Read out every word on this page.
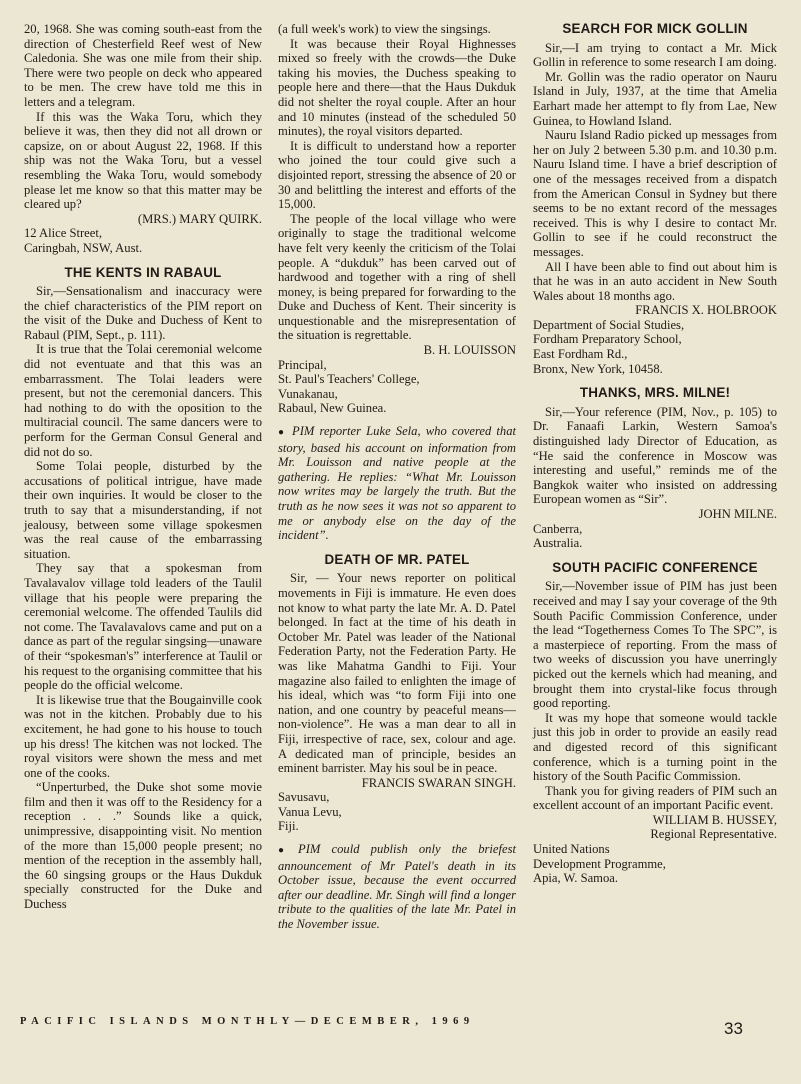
20, 1968. She was coming south-east from the direction of Chesterfield Reef west of New Caledonia. She was one mile from their ship. There were two people on deck who appeared to be men. The crew have told me this in letters and a telegram.

If this was the Waka Toru, which they believe it was, then they did not all drown or capsize, on or about August 22, 1968. If this ship was not the Waka Toru, but a vessel resembling the Waka Toru, would somebody please let me know so that this matter may be cleared up?

(MRS.) MARY QUIRK.

12 Alice Street,

Caringbah, NSW, Aust.

THE KENTS IN RABAUL

Sir,—Sensationalism and inaccuracy were the chief characteristics of the PIM report on the visit of the Duke and Duchess of Kent to Rabaul (PIM, Sept., p. 111).

It is true that the Tolai ceremonial welcome did not eventuate and that this was an embarrassment. The Tolai leaders were present, but not the ceremonial dancers. This had nothing to do with the oposition to the multiracial council. The same dancers were to perform for the German Consul General and did not do so.

Some Tolai people, disturbed by the accusations of political intrigue, have made their own inquiries. It would be closer to the truth to say that a misunderstanding, if not jealousy, between some village spokesmen was the real cause of the embarrassing situation.

They say that a spokesman from Tavalavalov village told leaders of the Taulil village that his people were preparing the ceremonial welcome. The offended Taulils did not come. The Tavalavalovs came and put on a dance as part of the regular singsing—unaware of their “spokesman's” interference at Taulil or his request to the organising committee that his people do the official welcome.

It is likewise true that the Bougainville cook was not in the kitchen. Probably due to his excitement, he had gone to his house to touch up his dress! The kitchen was not locked. The royal visitors were shown the mess and met one of the cooks.

“Unperturbed, the Duke shot some movie film and then it was off to the Residency for a reception . . .” Sounds like a quick, unimpressive, disappointing visit. No mention of the more than 15,000 people present; no mention of the reception in the assembly hall, the 60 singsing groups or the Haus Dukduk specially constructed for the Duke and Duchess

(a full week's work) to view the singsings.

It was because their Royal Highnesses mixed so freely with the crowds—the Duke taking his movies, the Duchess speaking to people here and there—that the Haus Dukduk did not shelter the royal couple. After an hour and 10 minutes (instead of the scheduled 50 minutes), the royal visitors departed.

It is difficult to understand how a reporter who joined the tour could give such a disjointed report, stressing the absence of 20 or 30 and belittling the interest and efforts of the 15,000.

The people of the local village who were originally to stage the traditional welcome have felt very keenly the criticism of the Tolai people. A “dukduk” has been carved out of hardwood and together with a ring of shell money, is being prepared for forwarding to the Duke and Duchess of Kent. Their sincerity is unquestionable and the misrepresentation of the situation is regrettable.

B. H. LOUISSON

Principal,

St. Paul's Teachers' College,

Vunakanau,

Rabaul, New Guinea.

● PIM reporter Luke Sela, who covered that story, based his account on information from Mr. Louisson and native people at the gathering. He replies: “What Mr. Louisson now writes may be largely the truth. But the truth as he now sees it was not so apparent to me or anybody else on the day of the incident”.

DEATH OF MR. PATEL

Sir, — Your news reporter on political movements in Fiji is immature. He even does not know to what party the late Mr. A. D. Patel belonged. In fact at the time of his death in October Mr. Patel was leader of the National Federation Party, not the Federation Party. He was like Mahatma Gandhi to Fiji. Your magazine also failed to enlighten the image of his ideal, which was “to form Fiji into one nation, and one country by peaceful means—non-violence”. He was a man dear to all in Fiji, irrespective of race, sex, colour and age. A dedicated man of principle, besides an eminent barrister. May his soul be in peace.

FRANCIS SWARAN SINGH.

Savusavu,

Vanua Levu,

Fiji.

● PIM could publish only the briefest announcement of Mr Patel's death in its October issue, because the event occurred after our deadline. Mr. Singh will find a longer tribute to the qualities of the late Mr. Patel in the November issue.

SEARCH FOR MICK GOLLIN

Sir,—I am trying to contact a Mr. Mick Gollin in reference to some research I am doing.

Mr. Gollin was the radio operator on Nauru Island in July, 1937, at the time that Amelia Earhart made her attempt to fly from Lae, New Guinea, to Howland Island.

Nauru Island Radio picked up messages from her on July 2 between 5.30 p.m. and 10.30 p.m. Nauru Island time. I have a brief description of one of the messages received from a dispatch from the American Consul in Sydney but there seems to be no extant record of the messages received. This is why I desire to contact Mr. Gollin to see if he could reconstruct the messages.

All I have been able to find out about him is that he was in an auto accident in New South Wales about 18 months ago.

FRANCIS X. HOLBROOK

Department of Social Studies,

Fordham Preparatory School,

East Fordham Rd.,

Bronx, New York, 10458.

THANKS, MRS. MILNE!

Sir,—Your reference (PIM, Nov., p. 105) to Dr. Fanaafi Larkin, Western Samoa's distinguished lady Director of Education, as “He said the conference in Moscow was interesting and useful,” reminds me of the Bangkok waiter who insisted on addressing European women as “Sir”.

JOHN MILNE.

Canberra,

Australia.

SOUTH PACIFIC CONFERENCE

Sir,—November issue of PIM has just been received and may I say your coverage of the 9th South Pacific Commission Conference, under the lead “Togetherness Comes To The SPC”, is a masterpiece of reporting. From the mass of two weeks of discussion you have unerringly picked out the kernels which had meaning, and brought them into crystal-like focus through good reporting.

It was my hope that someone would tackle just this job in order to provide an easily read and digested record of this significant conference, which is a turning point in the history of the South Pacific Commission.

Thank you for giving readers of PIM such an excellent account of an important Pacific event.

WILLIAM B. HUSSEY,

Regional Representative.

United Nations

Development Programme,

Apia, W. Samoa.

PACIFIC ISLANDS MONTHLY—DECEMBER, 1969	33
